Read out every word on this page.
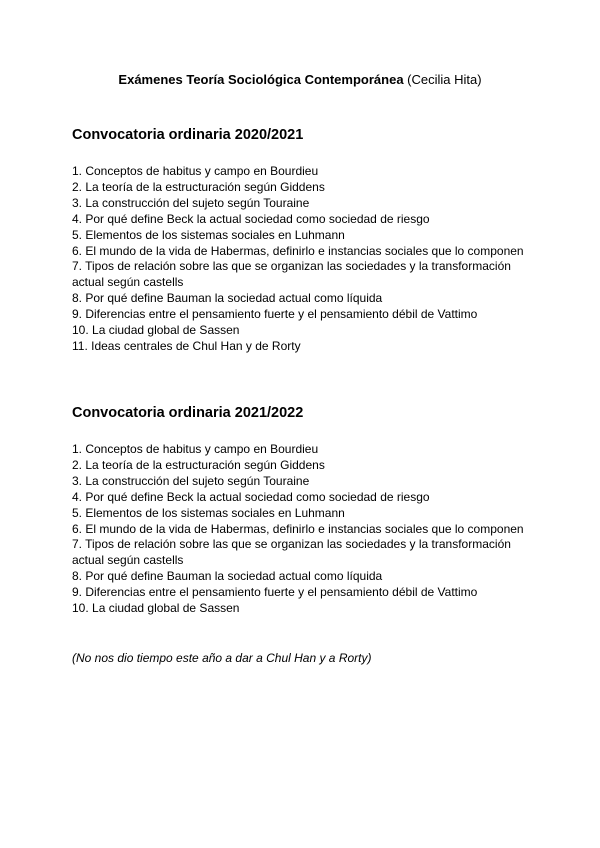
Exámenes Teoría Sociológica Contemporánea (Cecilia Hita)
Convocatoria ordinaria 2020/2021
1. Conceptos de habitus y campo en Bourdieu
2. La teoría de la estructuración según Giddens
3. La construcción del sujeto según Touraine
4. Por qué define Beck la actual sociedad como sociedad de riesgo
5. Elementos de los sistemas sociales en Luhmann
6. El mundo de la vida de Habermas, definirlo e instancias sociales que lo componen
7. Tipos de relación sobre las que se organizan las sociedades y la transformación actual según castells
8. Por qué define Bauman la sociedad actual como líquida
9. Diferencias entre el pensamiento fuerte y el pensamiento débil de Vattimo
10. La ciudad global de Sassen
11. Ideas centrales de Chul Han y de Rorty
Convocatoria ordinaria 2021/2022
1. Conceptos de habitus y campo en Bourdieu
2. La teoría de la estructuración según Giddens
3. La construcción del sujeto según Touraine
4. Por qué define Beck la actual sociedad como sociedad de riesgo
5. Elementos de los sistemas sociales en Luhmann
6. El mundo de la vida de Habermas, definirlo e instancias sociales que lo componen
7. Tipos de relación sobre las que se organizan las sociedades y la transformación actual según castells
8. Por qué define Bauman la sociedad actual como líquida
9. Diferencias entre el pensamiento fuerte y el pensamiento débil de Vattimo
10. La ciudad global de Sassen
(No nos dio tiempo este año a dar a Chul Han y a Rorty)
